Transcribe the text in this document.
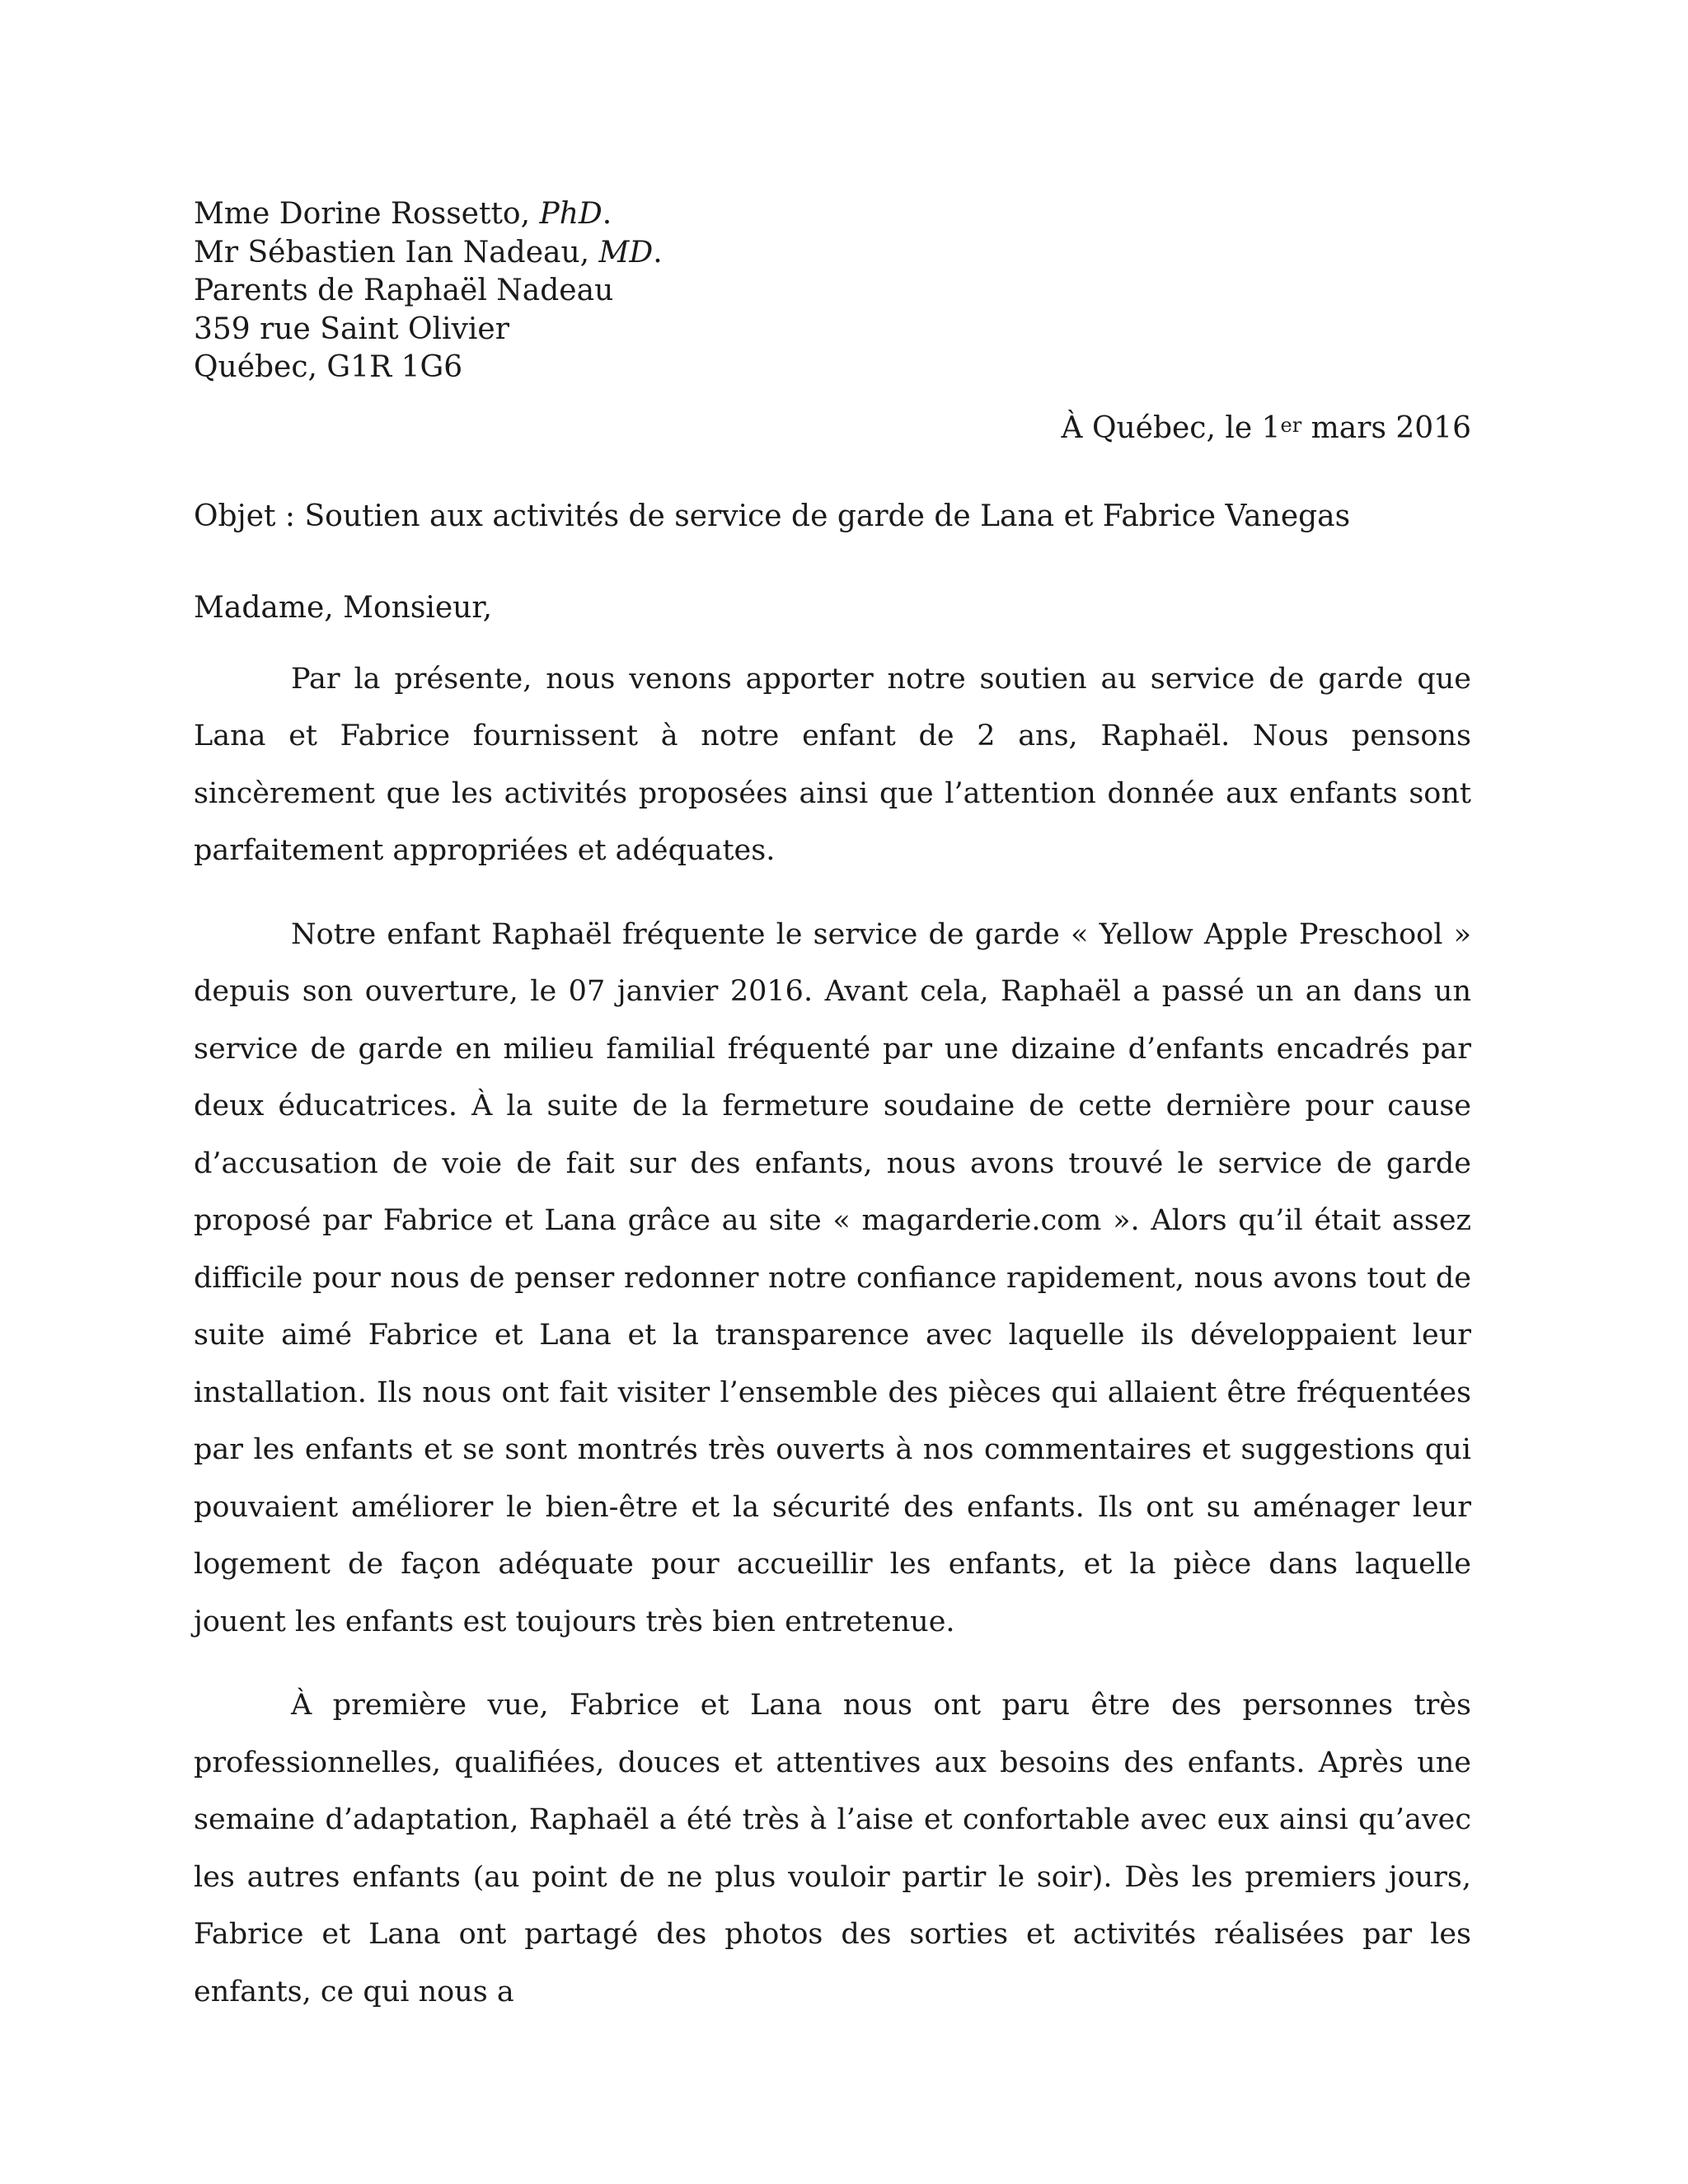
Mme Dorine Rossetto, PhD.
Mr Sébastien Ian Nadeau, MD.
Parents de Raphaël Nadeau
359 rue Saint Olivier
Québec, G1R 1G6
À Québec, le 1er mars 2016
Objet : Soutien aux activités de service de garde de Lana et Fabrice Vanegas
Madame, Monsieur,

Par la présente, nous venons apporter notre soutien au service de garde que Lana et Fabrice fournissent à notre enfant de 2 ans, Raphaël. Nous pensons sincèrement que les activités proposées ainsi que l’attention donnée aux enfants sont parfaitement appropriées et adéquates.

Notre enfant Raphaël fréquente le service de garde « Yellow Apple Preschool » depuis son ouverture, le 07 janvier 2016. Avant cela, Raphaël a passé un an dans un service de garde en milieu familial fréquenté par une dizaine d’enfants encadrés par deux éducatrices. À la suite de la fermeture soudaine de cette dernière pour cause d’accusation de voie de fait sur des enfants, nous avons trouvé le service de garde proposé par Fabrice et Lana grâce au site « magarderie.com ». Alors qu’il était assez difficile pour nous de penser redonner notre confiance rapidement, nous avons tout de suite aimé Fabrice et Lana et la transparence avec laquelle ils développaient leur installation. Ils nous ont fait visiter l’ensemble des pièces qui allaient être fréquentées par les enfants et se sont montrés très ouverts à nos commentaires et suggestions qui pouvaient améliorer le bien-être et la sécurité des enfants. Ils ont su aménager leur logement de façon adéquate pour accueillir les enfants, et la pièce dans laquelle jouent les enfants est toujours très bien entretenue.

À première vue, Fabrice et Lana nous ont paru être des personnes très professionnelles, qualifiées, douces et attentives aux besoins des enfants. Après une semaine d’adaptation, Raphaël a été très à l’aise et confortable avec eux ainsi qu’avec les autres enfants (au point de ne plus vouloir partir le soir). Dès les premiers jours, Fabrice et Lana ont partagé des photos des sorties et activités réalisées par les enfants, ce qui nous a
